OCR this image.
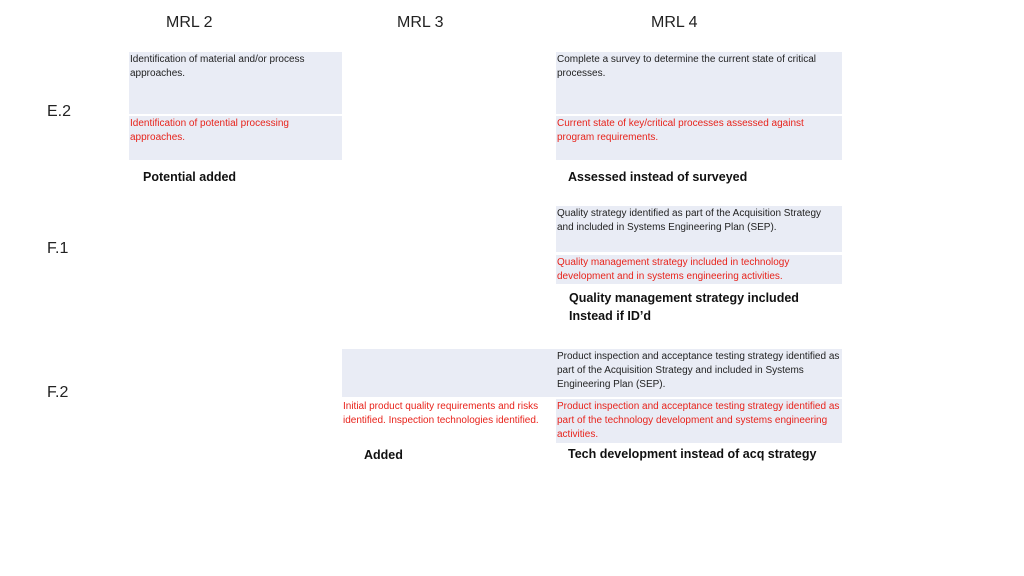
MRL 2	MRL 3	MRL 4
E.2
F.1
F.2
Identification of material and/or process approaches.
Identification of potential processing approaches.
Potential added
Complete a survey to determine the current state of critical processes.
Current state of key/critical processes assessed against program requirements.
Assessed instead of surveyed
Quality strategy identified as part of the Acquisition Strategy and included in Systems Engineering Plan (SEP).
Quality management strategy included in technology development and in systems engineering activities.
Quality management strategy included
Instead if ID’d
Initial product quality requirements and risks identified. Inspection technologies identified.
Added
Product inspection and acceptance testing strategy identified as part of the Acquisition Strategy and included in Systems Engineering Plan (SEP).
Product inspection and acceptance testing strategy identified as part of the technology development and systems engineering activities.
Tech development instead of acq strategy
